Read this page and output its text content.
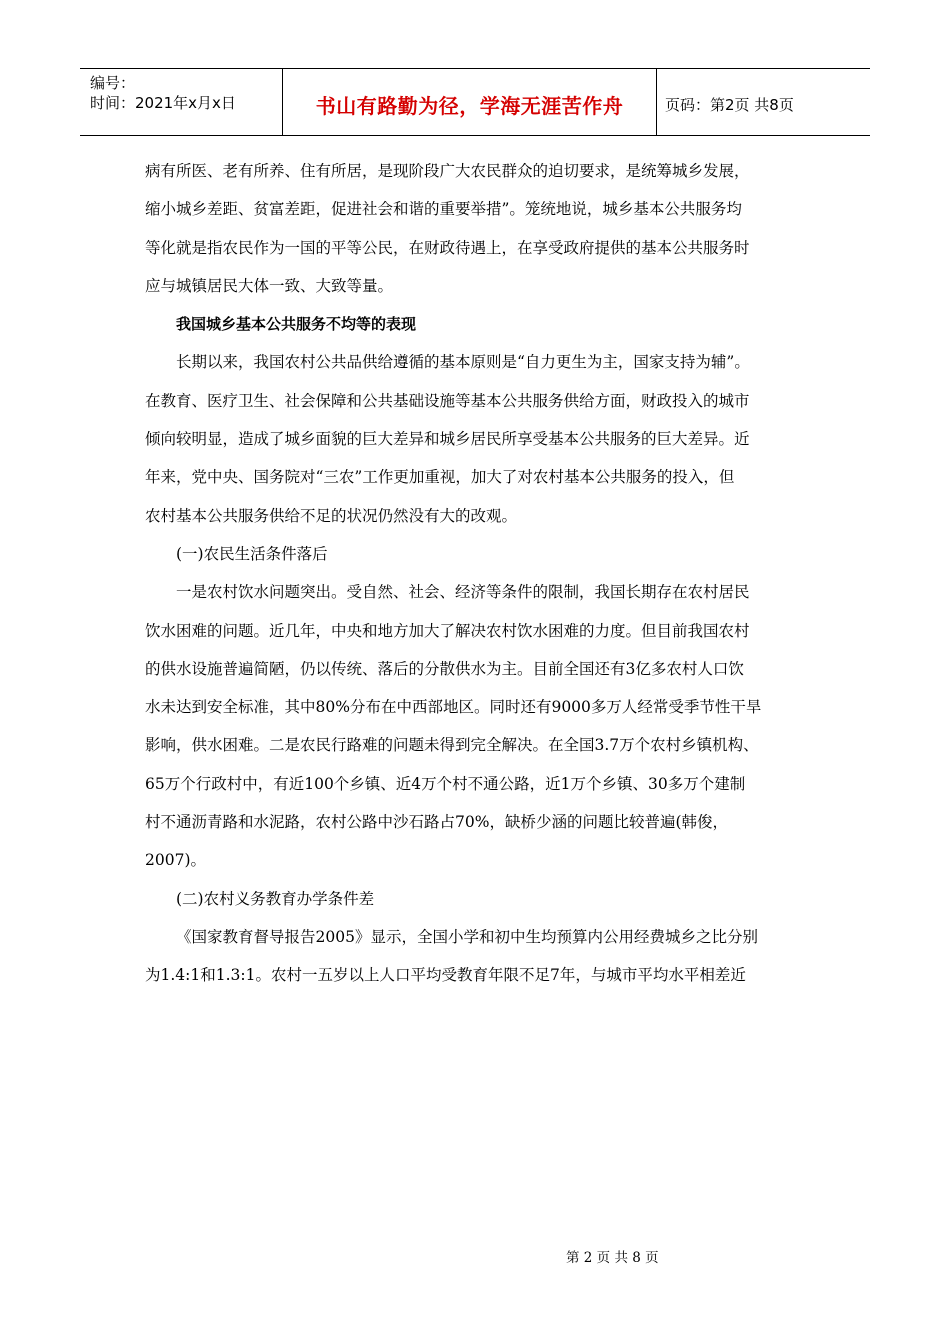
编号：
时间：2021年x月x日	书山有路勤为径，学海无涯苦作舟	页码：第2页 共8页
病有所医、老有所养、住有所居，是现阶段广大农民群众的迫切要求，是统筹城乡发展，
缩小城乡差距、贫富差距，促进社会和谐的重要举措”。笼统地说，城乡基本公共服务均
等化就是指农民作为一国的平等公民，在财政待遇上，在享受政府提供的基本公共服务时
应与城镇居民大体一致、大致等量。
我国城乡基本公共服务不均等的表现
长期以来，我国农村公共品供给遵循的基本原则是“自力更生为主，国家支持为辅”。
在教育、医疗卫生、社会保障和公共基础设施等基本公共服务供给方面，财政投入的城市
倾向较明显，造成了城乡面貌的巨大差异和城乡居民所享受基本公共服务的巨大差异。近
年来，党中央、国务院对“三农”工作更加重视，加大了对农村基本公共服务的投入，但
农村基本公共服务供给不足的状况仍然没有大的改观。
(一)农民生活条件落后
一是农村饮水问题突出。受自然、社会、经济等条件的限制，我国长期存在农村居民
饮水困难的问题。近几年，中央和地方加大了解决农村饮水困难的力度。但目前我国农村
的供水设施普遍简陋，仍以传统、落后的分散供水为主。目前全国还有3亿多农村人口饮
水未达到安全标准，其中80%分布在中西部地区。同时还有9000多万人经常受季节性干旱
影响，供水困难。二是农民行路难的问题未得到完全解决。在全国3.7万个农村乡镇机构、
65万个行政村中，有近100个乡镇、近4万个村不通公路，近1万个乡镇、30多万个建制
村不通沥青路和水泥路，农村公路中沙石路占70%，缺桥少涵的问题比较普遍(韩俊，
2007)。
(二)农村义务教育办学条件差
《国家教育督导报告2005》显示，全国小学和初中生均预算内公用经费城乡之比分别
为1.4:1和1.3:1。农村一五岁以上人口平均受教育年限不足7年，与城市平均水平相差近
第 2 页 共 8 页
